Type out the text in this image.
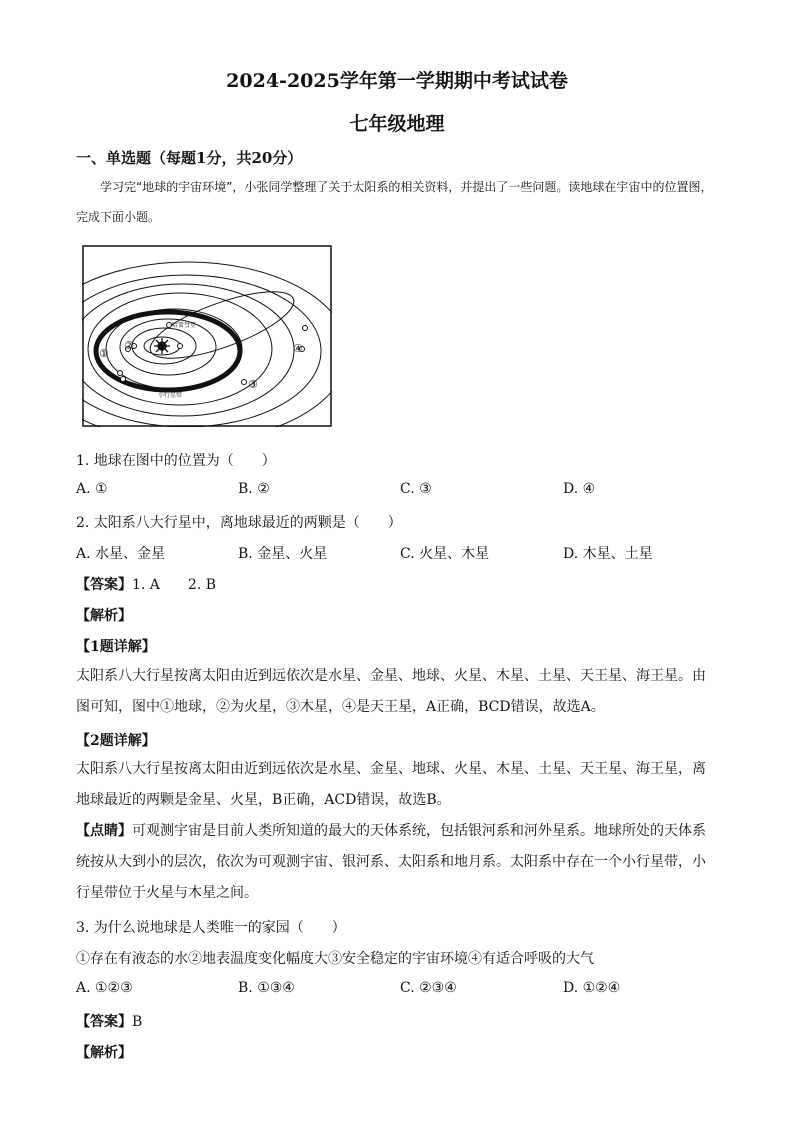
2024-2025学年第一学期期中考试试卷
七年级地理
一、单选题（每题1分，共20分）
学习完“地球的宇宙环境”，小张同学整理了关于太阳系的相关资料，并提出了一些问题。读地球在宇宙中的位置图，完成下面小题。
①
②
③
④
哈雷彗星
小行星带
1. 地球在图中的位置为（　　）
A. ①	B. ②	C. ③	D. ④
2. 太阳系八大行星中，离地球最近的两颗是（　　）
A. 水星、金星	B. 金星、火星	C. 火星、木星	D. 木星、土星
【答案】1. A　　2. B
【解析】
【1题详解】
太阳系八大行星按离太阳由近到远依次是水星、金星、地球、火星、木星、土星、天王星、海王星。由图可知，图中①地球，②为火星，③木星，④是天王星，A正确，BCD错误，故选A。
【2题详解】
太阳系八大行星按离太阳由近到远依次是水星、金星、地球、火星、木星、土星、天王星、海王星，离地球最近的两颗是金星、火星，B正确，ACD错误，故选B。
【点睛】可观测宇宙是目前人类所知道的最大的天体系统，包括银河系和河外星系。地球所处的天体系统按从大到小的层次，依次为可观测宇宙、银河系、太阳系和地月系。太阳系中存在一个小行星带，小行星带位于火星与木星之间。
3. 为什么说地球是人类唯一的家园（　　）
①存在有液态的水②地表温度变化幅度大③安全稳定的宇宙环境④有适合呼吸的大气
A. ①②③	B. ①③④	C. ②③④	D. ①②④
【答案】B
【解析】
